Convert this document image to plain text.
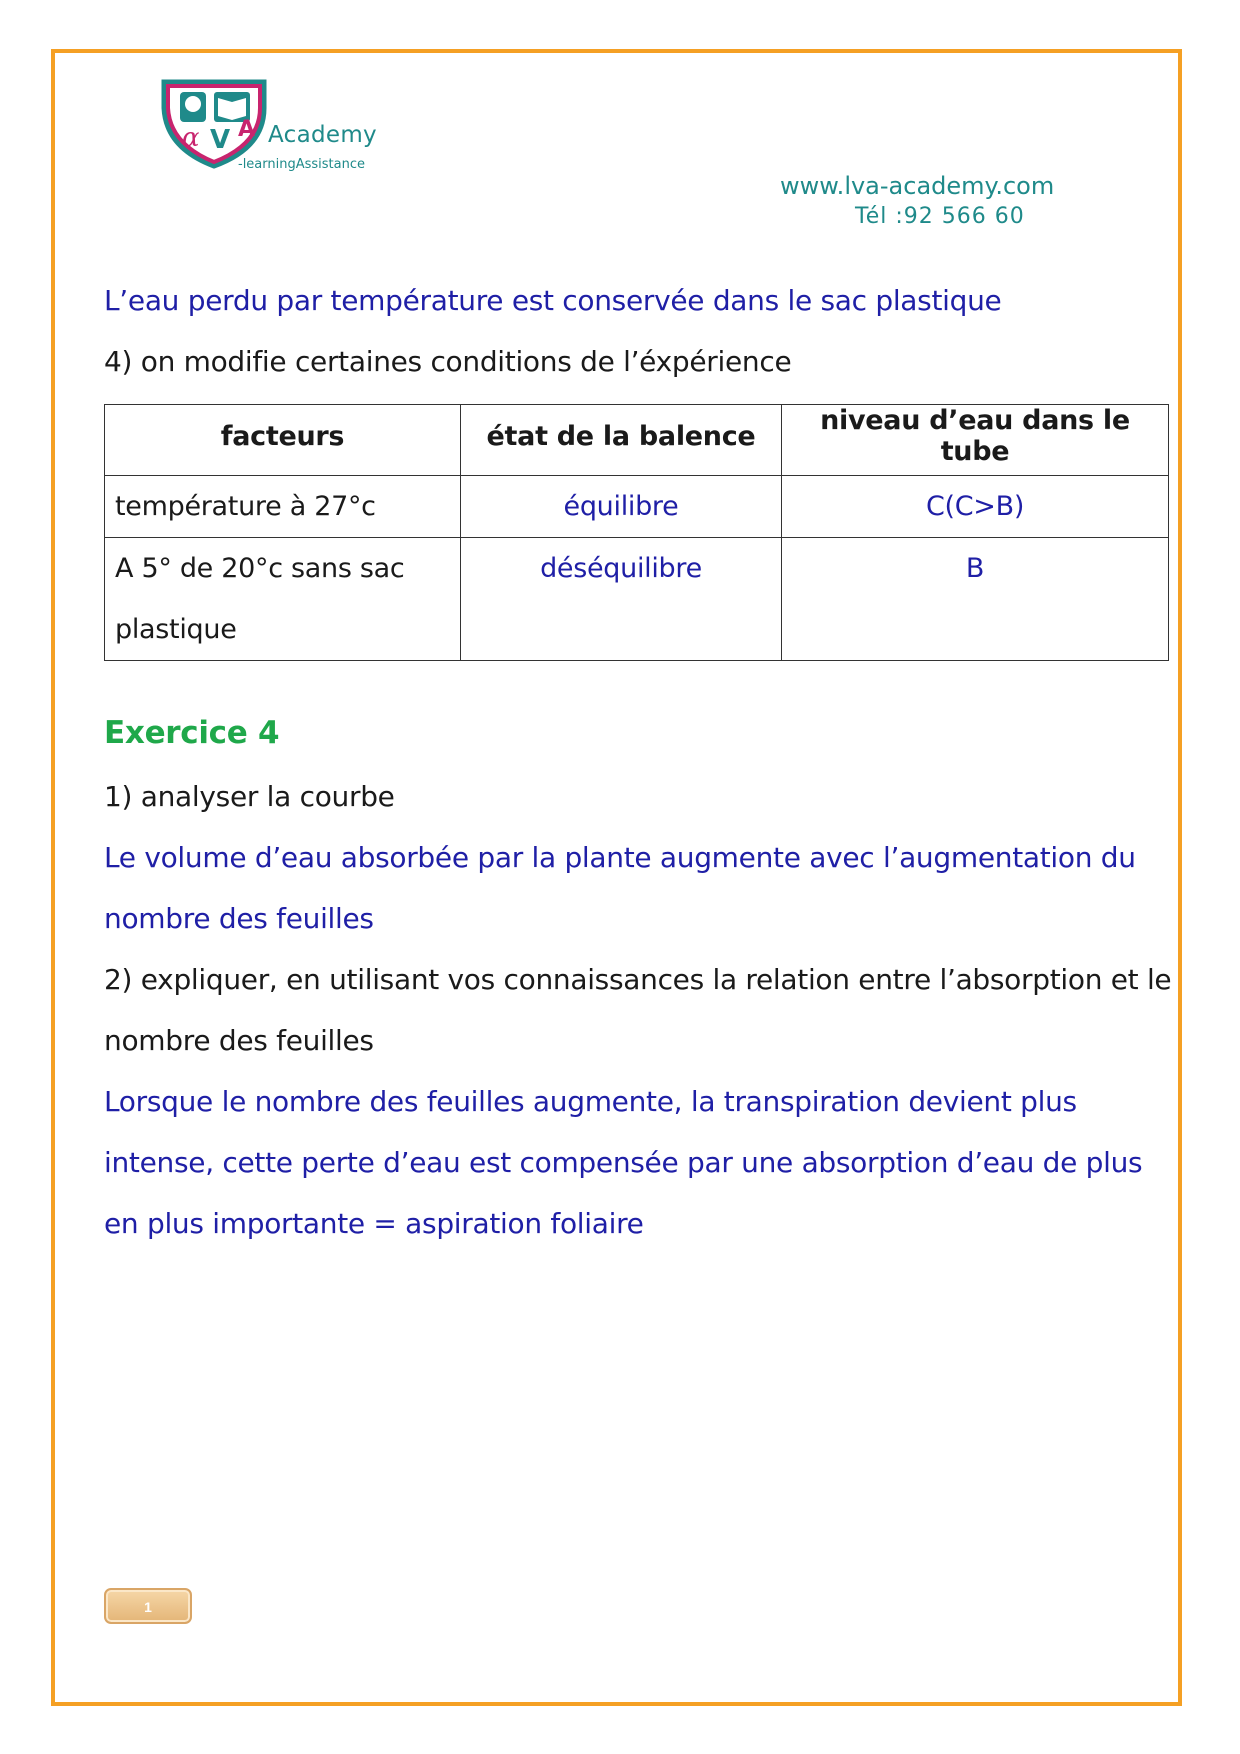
α V A Academy
-learningAssistance
www.lva-academy.com
Tél :92 566 60
L’eau perdu par température est conservée dans le sac plastique
4) on modifie certaines conditions de l’éxpérience
facteurs	état de la balence	niveau d’eau dans le tube
température à 27°c	équilibre	C(C>B)
A 5° de 20°c sans sac plastique	déséquilibre	B
Exercice 4
1) analyser la courbe
Le volume d’eau absorbée par la plante augmente avec l’augmentation du
nombre des feuilles
2) expliquer, en utilisant vos connaissances la relation entre l’absorption et le
nombre des feuilles
Lorsque le nombre des feuilles augmente, la transpiration devient plus
intense, cette perte d’eau est compensée par une absorption d’eau de plus
en plus importante = aspiration foliaire
1
